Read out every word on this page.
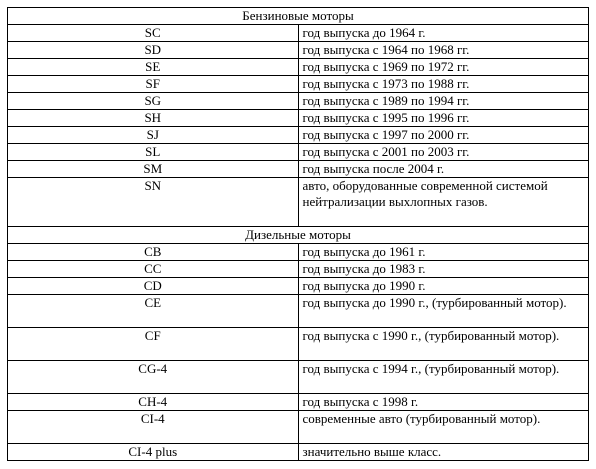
Бензиновые моторы	
SC	год выпуска до 1964 г.
SD	год выпуска с 1964 по 1968 гг.
SE	год выпуска с 1969 по 1972 гг.
SF	год выпуска с 1973 по 1988 гг.
SG	год выпуска с 1989 по 1994 гг.
SH	год выпуска с 1995 по 1996 гг.
SJ	год выпуска с 1997 по 2000 гг.
SL	год выпуска с 2001 по 2003 гг.
SM	год выпуска после 2004 г.
SN	авто, оборудованные современной системой нейтрализации выхлопных газов.
Дизельные моторы	
CB	год выпуска до 1961 г.
CC	год выпуска до 1983 г.
CD	год выпуска до 1990 г.
CE	год выпуска до 1990 г., (турбированный мотор).
CF	год выпуска с 1990 г., (турбированный мотор).
CG-4	год выпуска с 1994 г., (турбированный мотор).
CH-4	год выпуска с 1998 г.
CI-4	современные авто (турбированный мотор).
CI-4 plus	значительно выше класс.
